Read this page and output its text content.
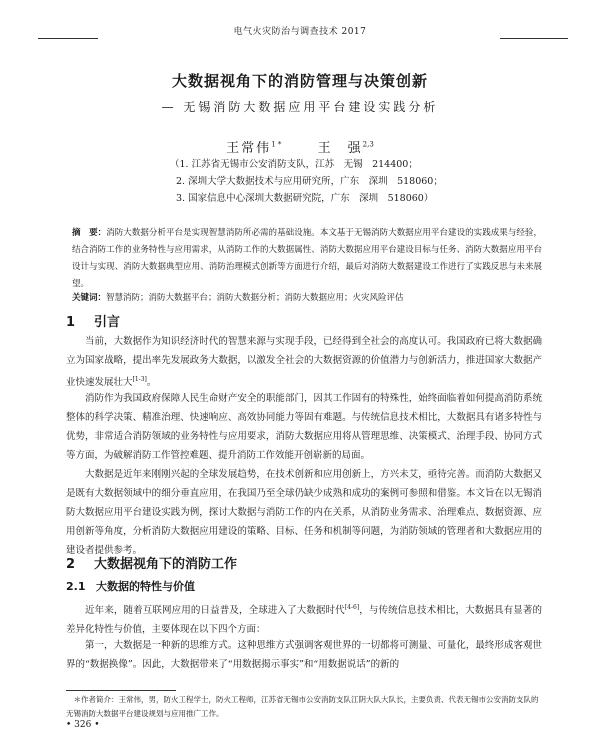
电气火灾防治与调查技术 2017
大数据视角下的消防管理与决策创新
— 无锡消防大数据应用平台建设实践分析
王常伟$^{1 *}$	王　强$^{2,3}$
（1. 江苏省无锡市公安消防支队，江苏　无锡　214400；
2. 深圳大学大数据技术与应用研究所，广东　深圳　518060；
3. 国家信息中心深圳大数据研究院，广东　深圳　518060）
摘　要：消防大数据分析平台是实现智慧消防所必需的基础设施。本文基于无锡消防大数据应用平台建设的实践成果与经验，结合消防工作的业务特性与应用需求，从消防工作的大数据属性、消防大数据应用平台建设目标与任务、消防大数据应用平台设计与实现、消防大数据典型应用、消防治理模式创新等方面进行介绍，最后对消防大数据建设工作进行了实践反思与未来展望。
关键词：智慧消防；消防大数据平台；消防大数据分析；消防大数据应用；火灾风险评估
1 引言
当前，大数据作为知识经济时代的智慧来源与实现手段，已经得到全社会的高度认可。我国政府已将大数据确立为国家战略，提出率先发展政务大数据，以激发全社会的大数据资源的价值潜力与创新活力，推进国家大数据产业快速发展壮大[1-3]。
消防作为我国政府保障人民生命财产安全的职能部门，因其工作固有的特殊性，始终面临着如何提高消防系统整体的科学决策、精准治理、快速响应、高效协同能力等固有难题。与传统信息技术相比，大数据具有诸多特性与优势，非常适合消防领域的业务特性与应用要求，消防大数据应用将从管理思维、决策模式、治理手段、协同方式等方面，为破解消防工作管控难题、提升消防工作效能开创崭新的局面。
大数据是近年来刚刚兴起的全球发展趋势，在技术创新和应用创新上，方兴未艾，亟待完善。而消防大数据又是既有大数据领域中的细分垂直应用，在我国乃至全球仍缺少成熟和成功的案例可参照和借鉴。本文旨在以无锡消防大数据应用平台建设实践为例，探讨大数据与消防工作的内在关系，从消防业务需求、治理难点、数据资源、应用创新等角度，分析消防大数据应用建设的策略、目标、任务和机制等问题，为消防领域的管理者和大数据应用的建设者提供参考。
2 大数据视角下的消防工作
2.1 大数据的特性与价值
近年来，随着互联网应用的日益普及，全球进入了大数据时代[4-6]，与传统信息技术相比，大数据具有显著的差异化特性与价值，主要体现在以下四个方面：
第一，大数据是一种新的思维方式。这种思维方式强调客观世界的一切都将可测量、可量化，最终形成客观世界的“数据换像”。因此，大数据带来了“用数据揭示事实”和“用数据说话”的新的
＊作者简介：王常伟，男，防火工程学士，防火工程师，江苏省无锡市公安消防支队江阴大队大队长，主要负责、代表无锡市公安消防支队的无锡消防大数据平台建设规划与应用推广工作。
• 326 •
